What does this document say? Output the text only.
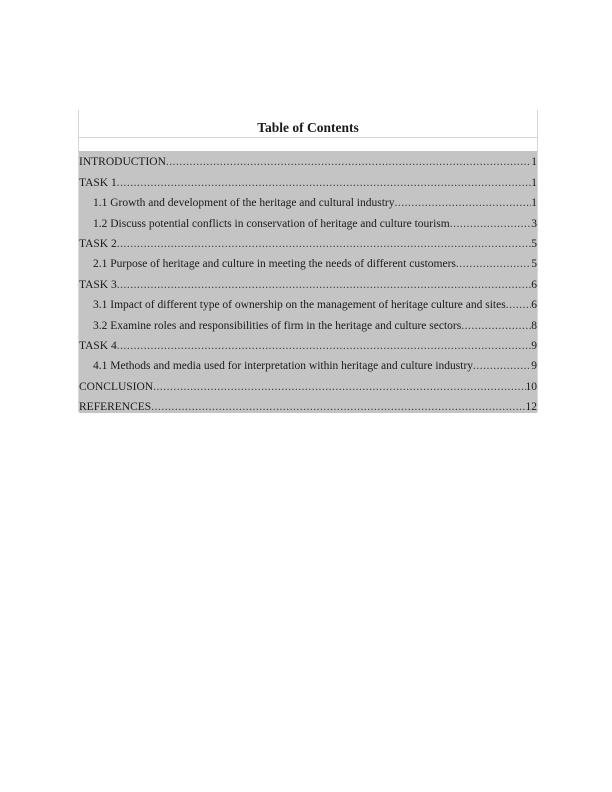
Table of Contents
INTRODUCTION .....	1
TASK 1 .....	1
1.1 Growth and development of the heritage and cultural industry .....	1
1.2 Discuss potential conflicts in conservation of heritage and culture tourism .....	3
TASK 2 .....	5
2.1 Purpose of heritage and culture in meeting the needs of different customers .....	5
TASK 3 .....	6
3.1 Impact of different type of ownership on the management of heritage culture and sites ..... 6
3.2 Examine roles and responsibilities of firm in the heritage and culture sectors .....	8
TASK 4 .....	9
4.1 Methods and media used for interpretation within heritage and culture industry .....	9
CONCLUSION .....	10
REFERENCES .....	12
